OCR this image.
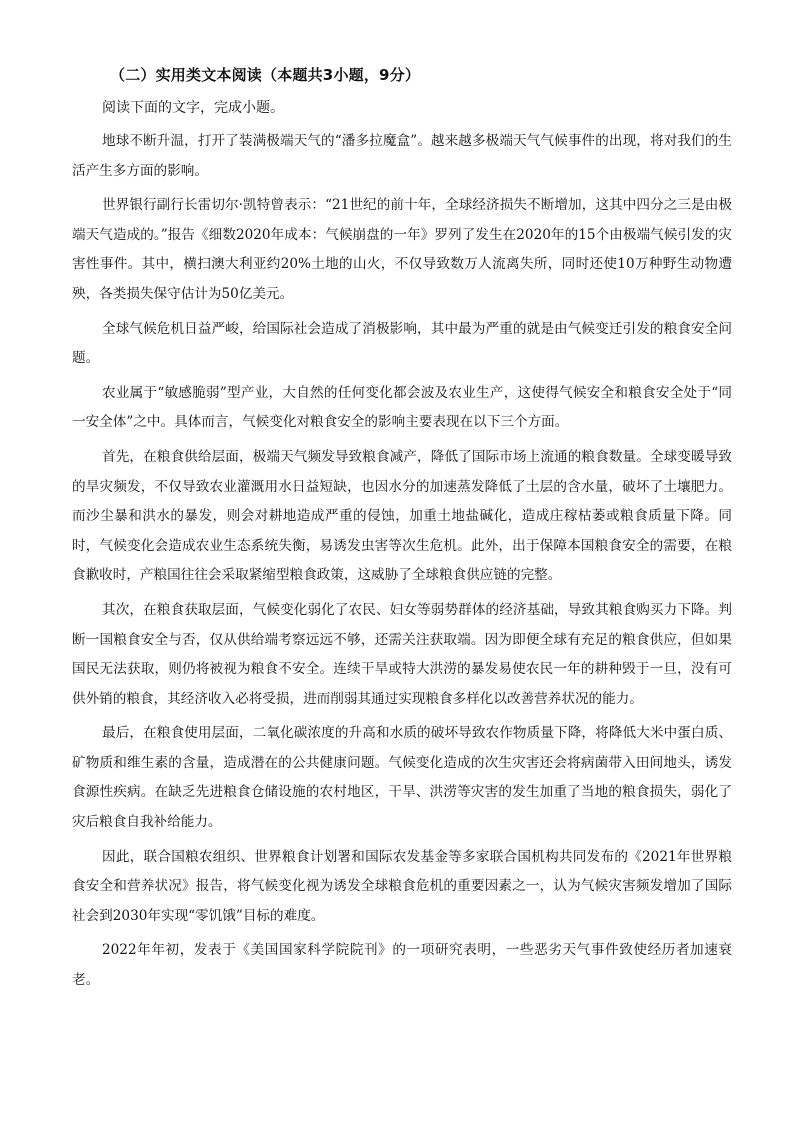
（二）实用类文本阅读（本题共3小题，9分）
阅读下面的文字，完成小题。

地球不断升温，打开了装满极端天气的“潘多拉魔盒”。越来越多极端天气气候事件的出现，将对我们的生活产生多方面的影响。

世界银行副行长雷切尔·凯特曾表示：“21世纪的前十年，全球经济损失不断增加，这其中四分之三是由极端天气造成的。”报告《细数2020年成本：气候崩盘的一年》罗列了发生在2020年的15个由极端气候引发的灾害性事件。其中，横扫澳大利亚约20%土地的山火，不仅导致数万人流离失所，同时还使10万种野生动物遭殃，各类损失保守估计为50亿美元。

全球气候危机日益严峻，给国际社会造成了消极影响，其中最为严重的就是由气候变迁引发的粮食安全问题。

农业属于“敏感脆弱”型产业，大自然的任何变化都会波及农业生产，这使得气候安全和粮食安全处于“同一安全体”之中。具体而言，气候变化对粮食安全的影响主要表现在以下三个方面。

首先，在粮食供给层面，极端天气频发导致粮食减产，降低了国际市场上流通的粮食数量。全球变暖导致的旱灾频发，不仅导致农业灌溉用水日益短缺，也因水分的加速蒸发降低了土层的含水量，破坏了土壤肥力。而沙尘暴和洪水的暴发，则会对耕地造成严重的侵蚀，加重土地盐碱化，造成庄稼枯萎或粮食质量下降。同时，气候变化会造成农业生态系统失衡，易诱发虫害等次生危机。此外，出于保障本国粮食安全的需要，在粮食歉收时，产粮国往往会采取紧缩型粮食政策，这威胁了全球粮食供应链的完整。

其次，在粮食获取层面，气候变化弱化了农民、妇女等弱势群体的经济基础，导致其粮食购买力下降。判断一国粮食安全与否，仅从供给端考察远远不够，还需关注获取端。因为即便全球有充足的粮食供应，但如果国民无法获取，则仍将被视为粮食不安全。连续干旱或特大洪涝的暴发易使农民一年的耕种毁于一旦，没有可供外销的粮食，其经济收入必将受损，进而削弱其通过实现粮食多样化以改善营养状况的能力。

最后，在粮食使用层面，二氧化碳浓度的升高和水质的破坏导致农作物质量下降，将降低大米中蛋白质、矿物质和维生素的含量，造成潜在的公共健康问题。气候变化造成的次生灾害还会将病菌带入田间地头，诱发食源性疾病。在缺乏先进粮食仓储设施的农村地区，干旱、洪涝等灾害的发生加重了当地的粮食损失，弱化了灾后粮食自我补给能力。

因此，联合国粮农组织、世界粮食计划署和国际农发基金等多家联合国机构共同发布的《2021年世界粮食安全和营养状况》报告，将气候变化视为诱发全球粮食危机的重要因素之一，认为气候灾害频发增加了国际社会到2030年实现“零饥饿”目标的难度。

2022年年初，发表于《美国国家科学院院刊》的一项研究表明，一些恶劣天气事件致使经历者加速衰老。
